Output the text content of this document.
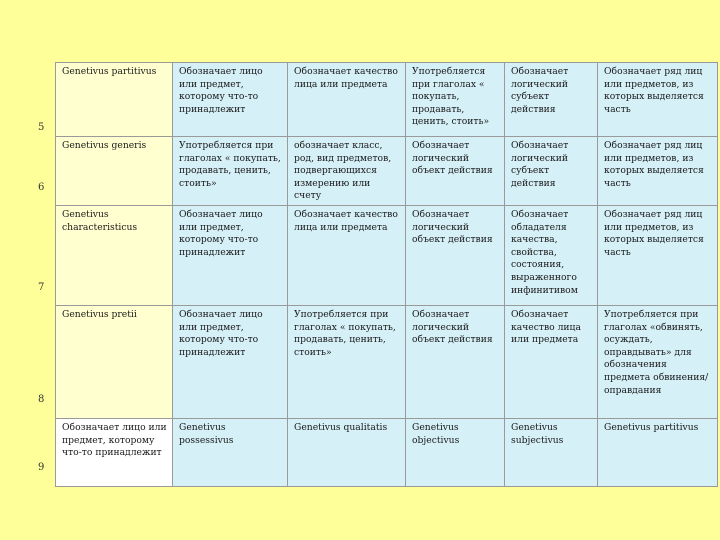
5
6
7
8
9
Genetivus partitivus	Обозначает лицо или предмет, которому что-то принадлежит	Обозначает качество лица или предмета	Употребляется при глаголах « покупать, продавать, ценить, стоить»	Обозначает логический субъект действия	Обозначает ряд лиц или предметов, из которых выделяется часть
Genetivus generis	Употребляется при глаголах « покупать, продавать, ценить, стоить»	обозначает класс, род, вид предметов, подвергающихся измерению или счету	Обозначает логический объект действия	Обозначает логический субъект действия	Обозначает ряд лиц или предметов, из которых выделяется часть
Genetivus characteristicus	Обозначает лицо или предмет, которому что-то принадлежит	Обозначает качество лица или предмета	Обозначает логический объект действия	Обозначает обладателя качества, свойства, состояния, выраженного инфинитивом	Обозначает ряд лиц или предметов, из которых выделяется часть
Genetivus pretii	Обозначает лицо или предмет, которому что-то принадлежит	Употребляется при глаголах « покупать, продавать, ценить, стоить»	Обозначает логический объект действия	Обозначает качество лица или предмета	Употребляется при глаголах «обвинять, осуждать, оправдывать» для обозначения предмета обвинения/оправдания
Обозначает лицо или предмет, которому что-то принадлежит	Genetivus possessivus	Genetivus qualitatis	Genetivus objectivus	Genetivus subjectivus	Genetivus partitivus
